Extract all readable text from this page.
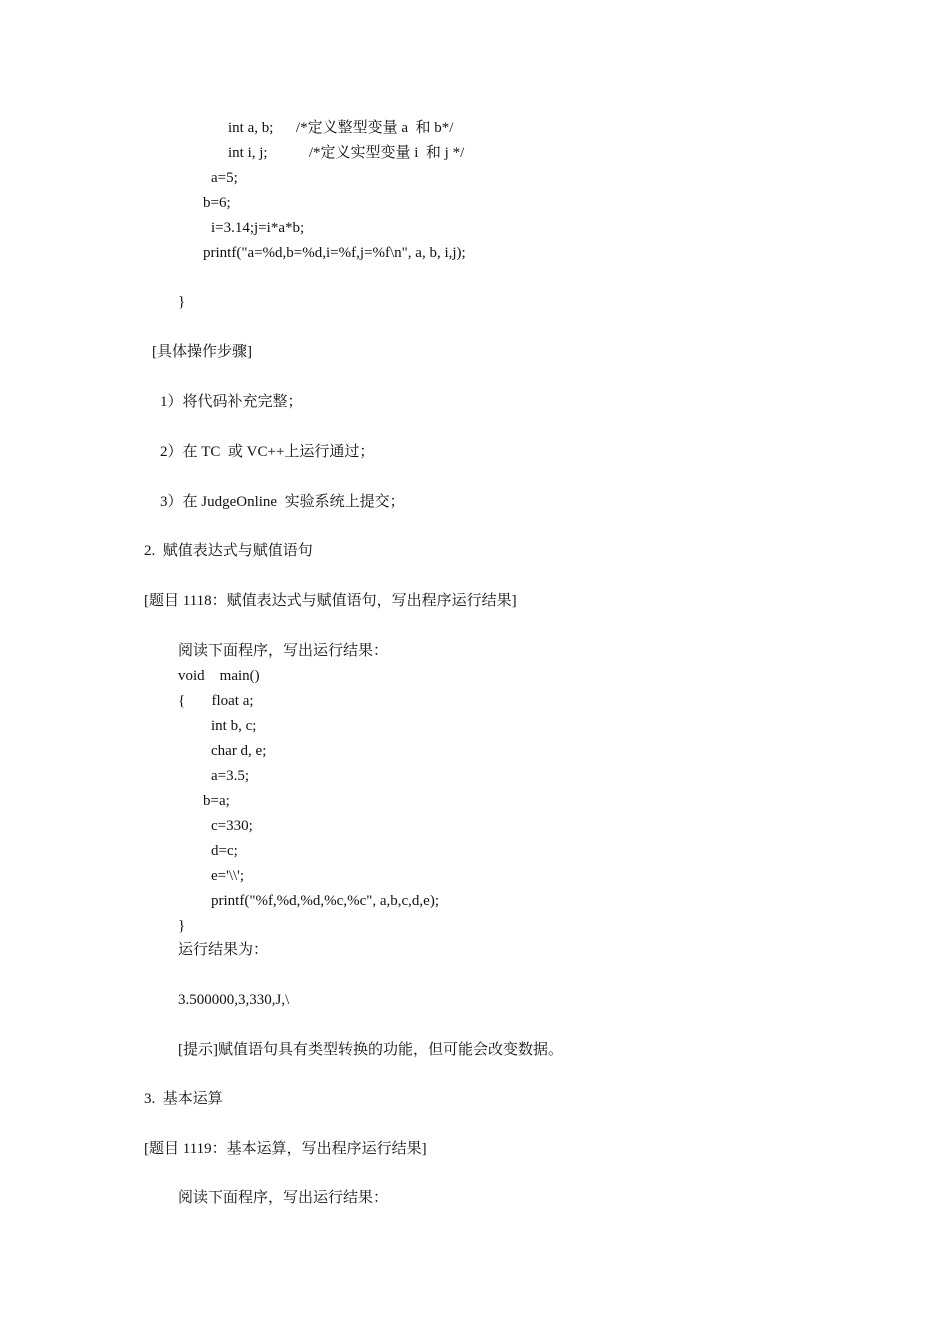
int a, b;      /*定义整型变量 a  和 b*/
int i, j;           /*定义实型变量 i  和 j */
a=5;
b=6;
i=3.14;j=i*a*b;
printf("a=%d,b=%d,i=%f,j=%f\n", a, b, i,j);
}
[具体操作步骤]
1）将代码补充完整；
2）在 TC  或 VC++上运行通过；
3）在 JudgeOnline  实验系统上提交；
2.  赋值表达式与赋值语句
[题目 1118：赋值表达式与赋值语句，写出程序运行结果]
阅读下面程序，写出运行结果：
void    main()
{       float a;
int b, c;
char d, e;
a=3.5;
b=a;
c=330;
d=c;
e='\\';
printf("%f,%d,%d,%c,%c", a,b,c,d,e);
}
运行结果为：
3.500000,3,330,J,\
[提示]赋值语句具有类型转换的功能，但可能会改变数据。
3.  基本运算
[题目 1119：基本运算，写出程序运行结果]
阅读下面程序，写出运行结果：
